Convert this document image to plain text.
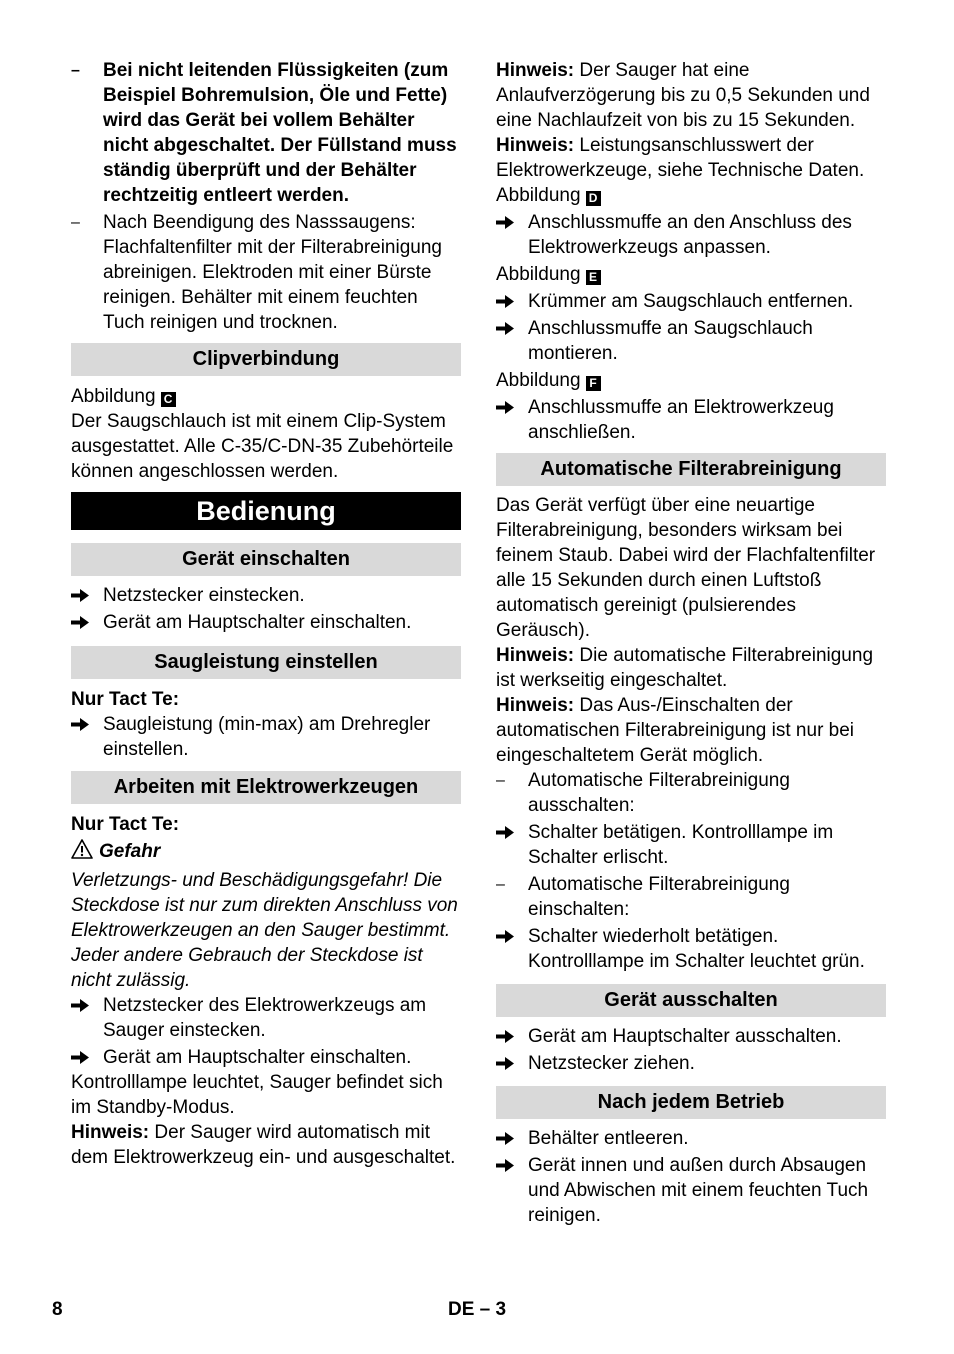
– Bei nicht leitenden Flüssigkeiten (zum Beispiel Bohremulsion, Öle und Fette) wird das Gerät bei vollem Behälter nicht abgeschaltet. Der Füllstand muss ständig überprüft und der Behälter rechtzeitig entleert werden.

– Nach Beendigung des Nasssaugens: Flachfaltenfilter mit der Filterabreinigung abreinigen. Elektroden mit einer Bürste reinigen. Behälter mit einem feuchten Tuch reinigen und trocknen.

Clipverbindung

Abbildung C

Der Saugschlauch ist mit einem Clip-System ausgestattet. Alle C-35/C-DN-35 Zubehörteile können angeschlossen werden.

Bedienung
Gerät einschalten

Netzstecker einstecken.

Gerät am Hauptschalter einschalten.

Saugleistung einstellen

Nur Tact Te:

Saugleistung (min-max) am Drehregler einstellen.

Arbeiten mit Elektrowerkzeugen

Nur Tact Te:

Gefahr

Verletzungs- und Beschädigungsgefahr! Die Steckdose ist nur zum direkten Anschluss von Elektrowerkzeugen an den Sauger bestimmt. Jeder andere Gebrauch der Steckdose ist nicht zulässig.

Netzstecker des Elektrowerkzeugs am Sauger einstecken.

Gerät am Hauptschalter einschalten.

Kontrolllampe leuchtet, Sauger befindet sich im Standby-Modus.

Hinweis: Der Sauger wird automatisch mit dem Elektrowerkzeug ein- und ausgeschaltet.

Hinweis: Der Sauger hat eine Anlaufverzögerung bis zu 0,5 Sekunden und eine Nachlaufzeit von bis zu 15 Sekunden.

Hinweis: Leistungsanschlusswert der Elektrowerkzeuge, siehe Technische Daten.

Abbildung D

Anschlussmuffe an den Anschluss des Elektrowerkzeugs anpassen.

Abbildung E

Krümmer am Saugschlauch entfernen.

Anschlussmuffe an Saugschlauch montieren.

Abbildung F

Anschlussmuffe an Elektrowerkzeug anschließen.

Automatische Filterabreinigung

Das Gerät verfügt über eine neuartige Filterabreinigung, besonders wirksam bei feinem Staub. Dabei wird der Flachfaltenfilter alle 15 Sekunden durch einen Luftstoß automatisch gereinigt (pulsierendes Geräusch).

Hinweis: Die automatische Filterabreinigung ist werkseitig eingeschaltet.

Hinweis: Das Aus-/Einschalten der automatischen Filterabreinigung ist nur bei eingeschaltetem Gerät möglich.

– Automatische Filterabreinigung ausschalten:

Schalter betätigen. Kontrolllampe im Schalter erlischt.

– Automatische Filterabreinigung einschalten:

Schalter wiederholt betätigen. Kontrolllampe im Schalter leuchtet grün.

Gerät ausschalten

Gerät am Hauptschalter ausschalten.

Netzstecker ziehen.

Nach jedem Betrieb

Behälter entleeren.

Gerät innen und außen durch Absaugen und Abwischen mit einem feuchten Tuch reinigen.

8	DE – 3
